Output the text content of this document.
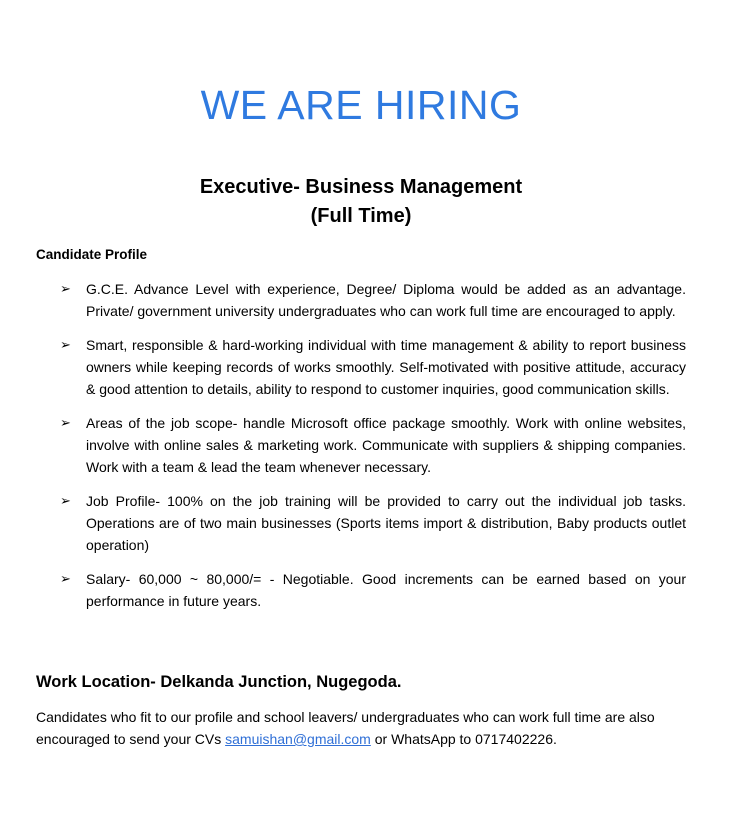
WE ARE HIRING
Executive- Business Management
(Full Time)
Candidate Profile
➢ G.C.E. Advance Level with experience, Degree/ Diploma would be added as an advantage. Private/ government university undergraduates who can work full time are encouraged to apply.
➢ Smart, responsible & hard-working individual with time management & ability to report business owners while keeping records of works smoothly. Self-motivated with positive attitude, accuracy & good attention to details, ability to respond to customer inquiries, good communication skills.
➢ Areas of the job scope- handle Microsoft office package smoothly. Work with online websites, involve with online sales & marketing work. Communicate with suppliers & shipping companies. Work with a team & lead the team whenever necessary.
➢ Job Profile- 100% on the job training will be provided to carry out the individual job tasks. Operations are of two main businesses (Sports items import & distribution, Baby products outlet operation)
➢ Salary- 60,000 ~ 80,000/= - Negotiable. Good increments can be earned based on your performance in future years.
Work Location- Delkanda Junction, Nugegoda.
Candidates who fit to our profile and school leavers/ undergraduates who can work full time are also encouraged to send your CVs samuishan@gmail.com or WhatsApp to 0717402226.
